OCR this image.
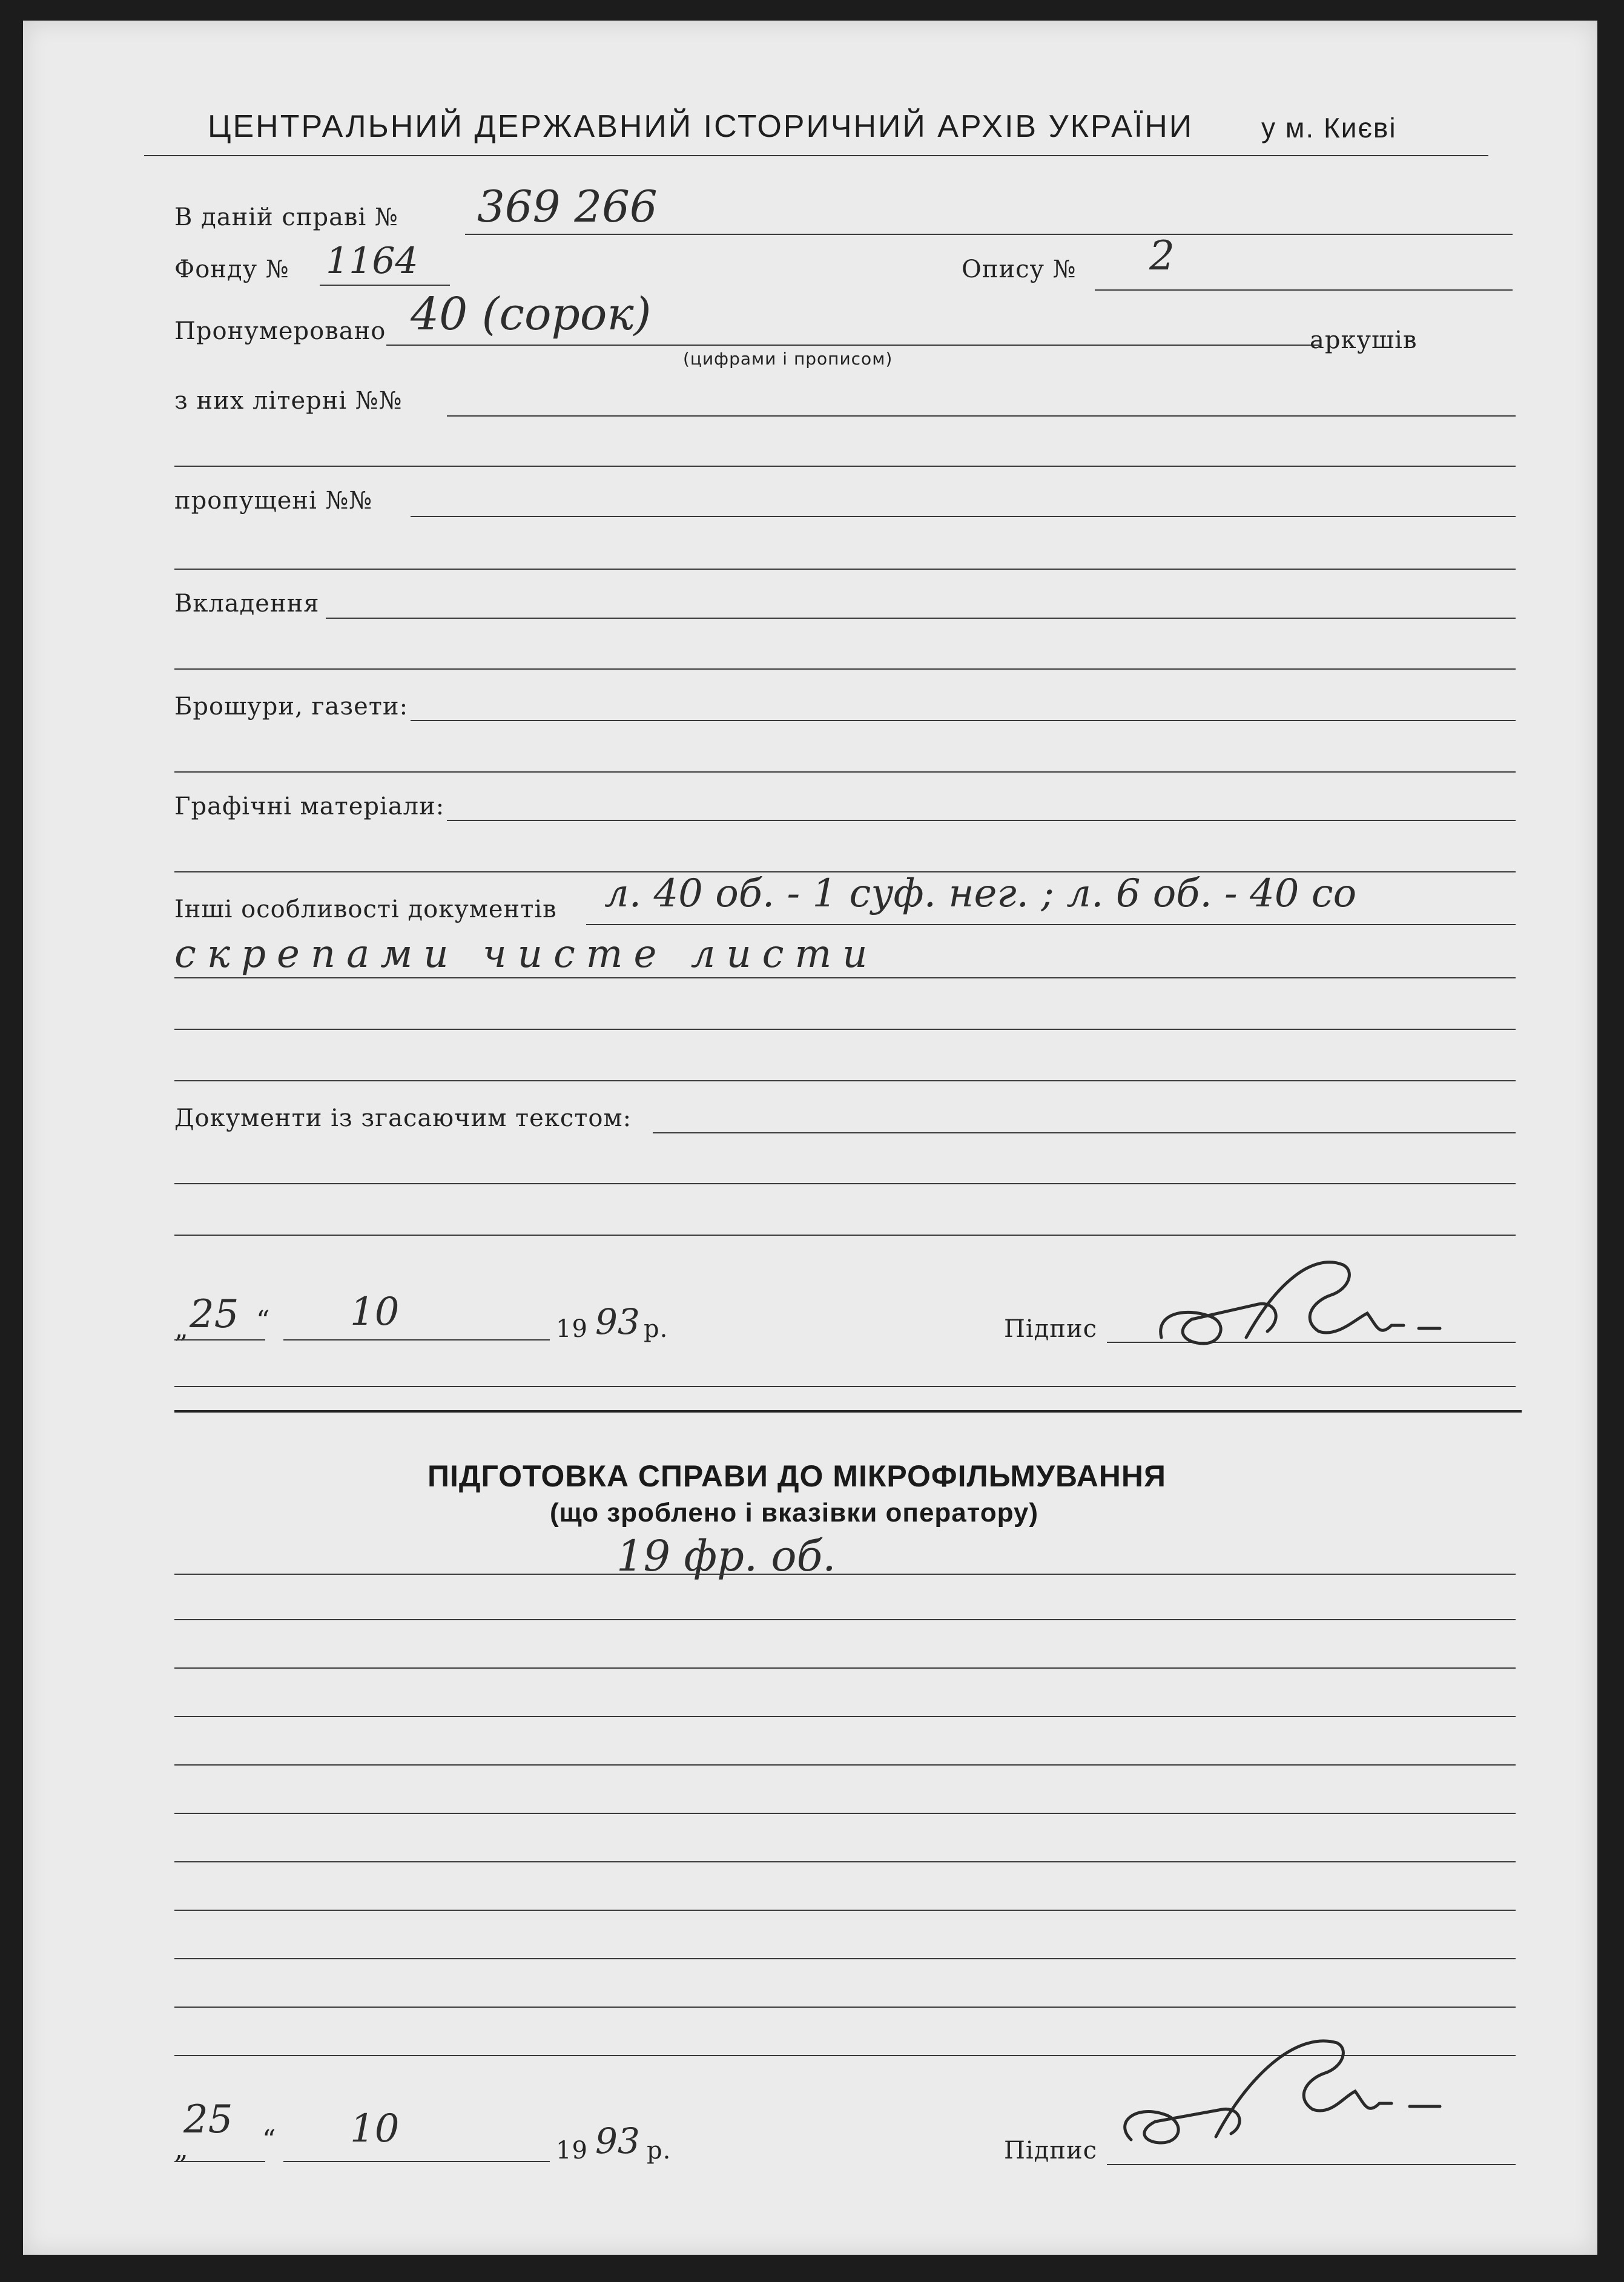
ЦЕНТРАЛЬНИЙ ДЕРЖАВНИЙ ІСТОРИЧНИЙ АРХІВ УКРАЇНИ у м. Києві
В даній справі № 369 266
Фонду № 1164	Опису № 2
Пронумеровано 40 (сорок)
(цифрами і прописом)
аркушів
з них літерні №№
пропущені №№
Вкладення
Брошури, газети:
Графічні матеріали:
Інші особливості документів л. 40 об. - 1 суф. нег. ; л. 6 об. - 40 со
скрепами чисте листи
Документи із згасаючим текстом:
„ 25 “ 10	19 93 р.	Підпис
ПІДГОТОВКА СПРАВИ ДО МІКРОФІЛЬМУВАННЯ
(що зроблено і вказівки оператору)
19 фр. об.
„
25 “ 10	19 93 р.	Підпис
